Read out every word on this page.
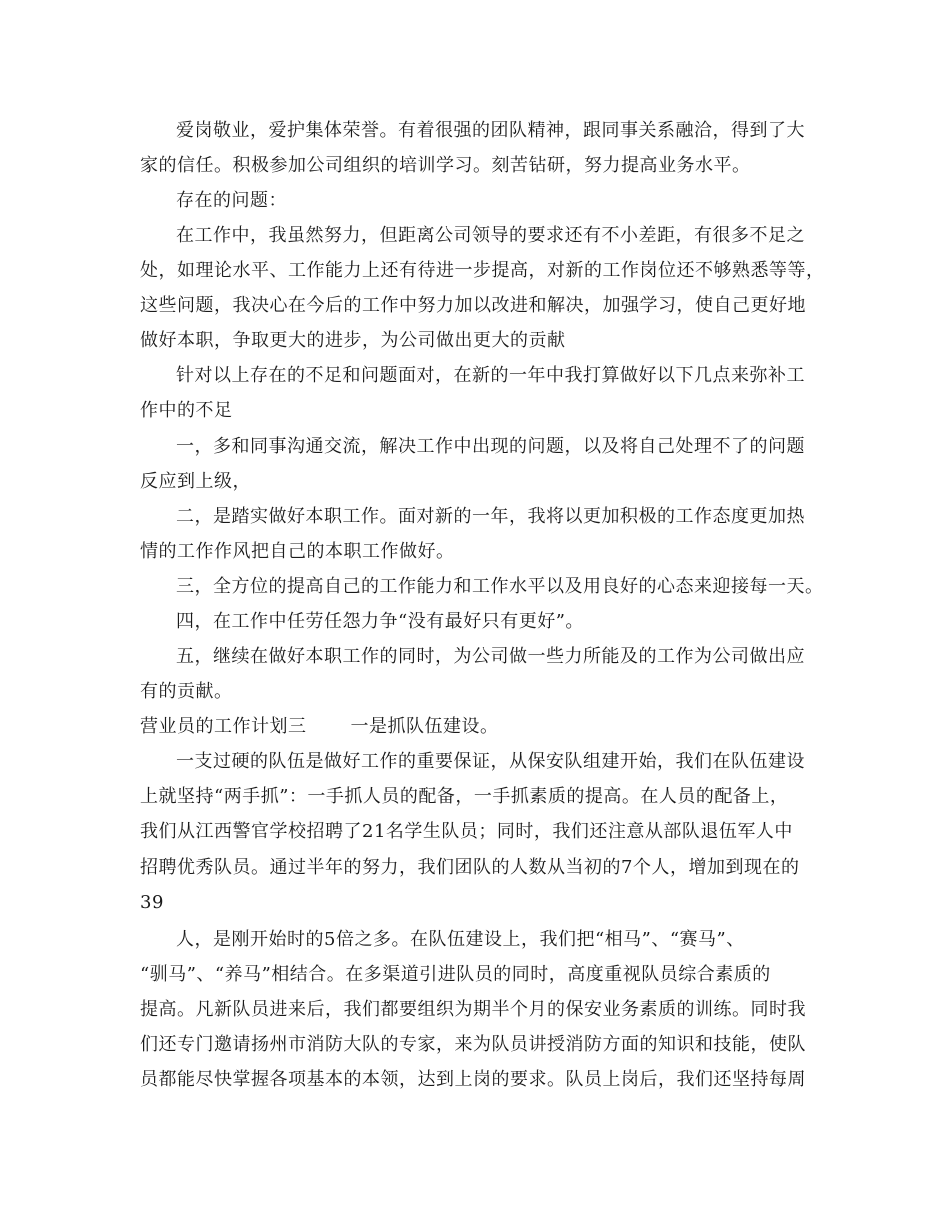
爱岗敬业，爱护集体荣誉。有着很强的团队精神，跟同事关系融洽，得到了大
家的信任。积极参加公司组织的培训学习。刻苦钻研，努力提高业务水平。
存在的问题：
在工作中，我虽然努力，但距离公司领导的要求还有不小差距，有很多不足之
处，如理论水平、工作能力上还有待进一步提高，对新的工作岗位还不够熟悉等等，
这些问题，我决心在今后的工作中努力加以改进和解决，加强学习，使自己更好地
做好本职，争取更大的进步，为公司做出更大的贡献
针对以上存在的不足和问题面对，在新的一年中我打算做好以下几点来弥补工
作中的不足
一，多和同事沟通交流，解决工作中出现的问题，以及将自己处理不了的问题
反应到上级，
二，是踏实做好本职工作。面对新的一年，我将以更加积极的工作态度更加热
情的工作作风把自己的本职工作做好。
三，全方位的提高自己的工作能力和工作水平以及用良好的心态来迎接每一天。
四，在工作中任劳任怨力争“没有最好只有更好”。
五，继续在做好本职工作的同时，为公司做一些力所能及的工作为公司做出应
有的贡献。
营业员的工作计划三 一是抓队伍建设。
一支过硬的队伍是做好工作的重要保证，从保安队组建开始，我们在队伍建设
上就坚持“两手抓”：一手抓人员的配备，一手抓素质的提高。在人员的配备上，
我们从江西警官学校招聘了21名学生队员；同时，我们还注意从部队退伍军人中
招聘优秀队员。通过半年的努力，我们团队的人数从当初的7个人，增加到现在的
39
人，是刚开始时的5倍之多。在队伍建设上，我们把“相马”、“赛马”、
“驯马”、“养马”相结合。在多渠道引进队员的同时，高度重视队员综合素质的
提高。凡新队员进来后，我们都要组织为期半个月的保安业务素质的训练。同时我
们还专门邀请扬州市消防大队的专家，来为队员讲授消防方面的知识和技能，使队
员都能尽快掌握各项基本的本领，达到上岗的要求。队员上岗后，我们还坚持每周
